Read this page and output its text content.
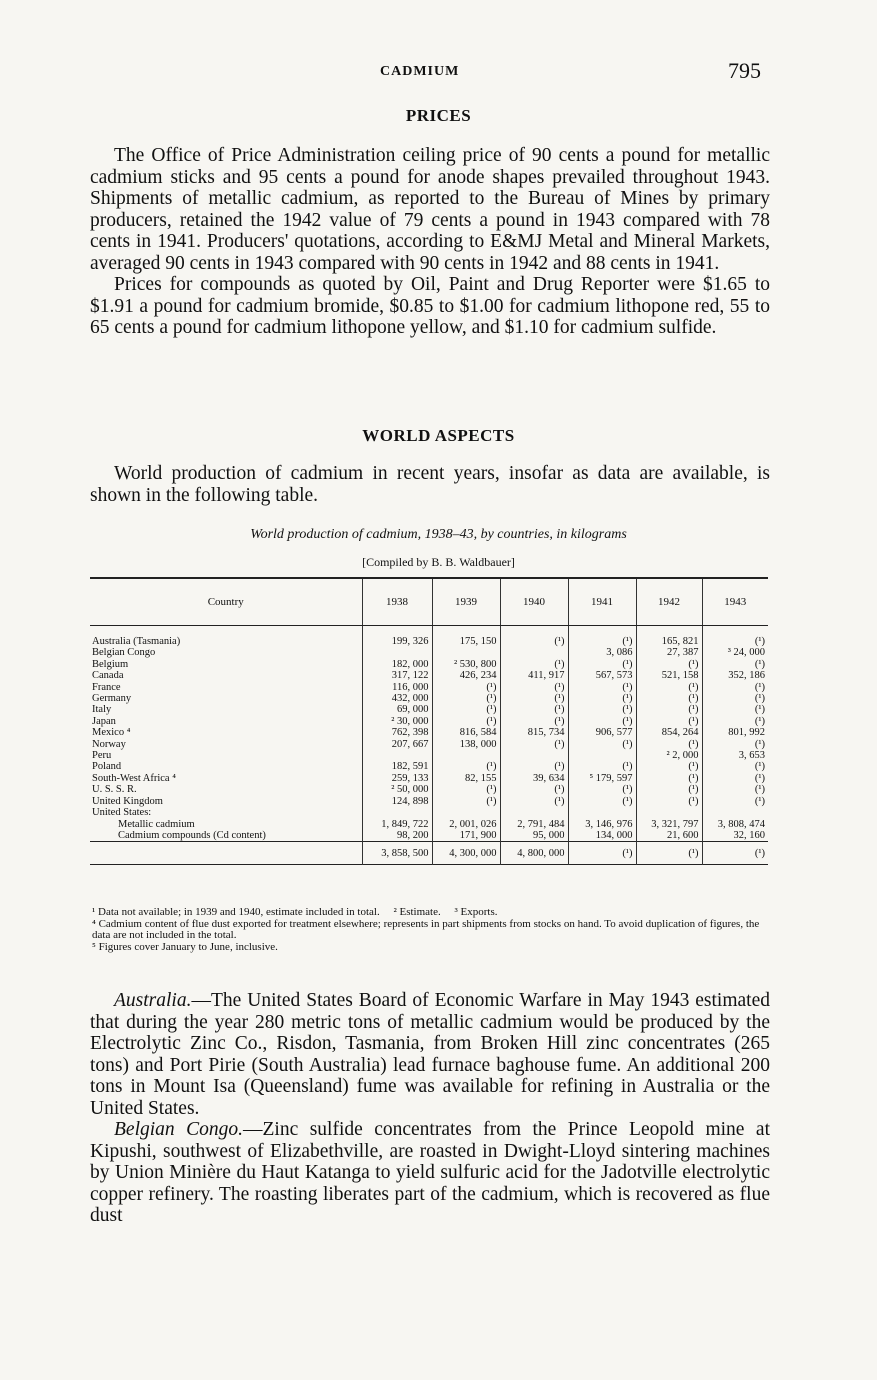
CADMIUM	795
PRICES
The Office of Price Administration ceiling price of 90 cents a pound for metallic cadmium sticks and 95 cents a pound for anode shapes prevailed throughout 1943. Shipments of metallic cadmium, as reported to the Bureau of Mines by primary producers, retained the 1942 value of 79 cents a pound in 1943 compared with 78 cents in 1941. Producers' quotations, according to E&MJ Metal and Mineral Markets, averaged 90 cents in 1943 compared with 90 cents in 1942 and 88 cents in 1941.
Prices for compounds as quoted by Oil, Paint and Drug Reporter were $1.65 to $1.91 a pound for cadmium bromide, $0.85 to $1.00 for cadmium lithopone red, 55 to 65 cents a pound for cadmium lithopone yellow, and $1.10 for cadmium sulfide.
WORLD ASPECTS
World production of cadmium in recent years, insofar as data are available, is shown in the following table.
World production of cadmium, 1938–43, by countries, in kilograms
[Compiled by B. B. Waldbauer]
Country	1938	1939	1940	1941	1942	1943

Australia (Tasmania)	199, 326	175, 150	(¹)	(¹)	165, 821	(¹)
Belgian Congo				3, 086	27, 387	³ 24, 000
Belgium	182, 000	² 530, 800	(¹)	(¹)	(¹)	(¹)
Canada	317, 122	426, 234	411, 917	567, 573	521, 158	352, 186
France	116, 000	(¹)	(¹)	(¹)	(¹)	(¹)
Germany	432, 000	(¹)	(¹)	(¹)	(¹)	(¹)
Italy	69, 000	(¹)	(¹)	(¹)	(¹)	(¹)
Japan	² 30, 000	(¹)	(¹)	(¹)	(¹)	(¹)
Mexico ⁴	762, 398	816, 584	815, 734	906, 577	854, 264	801, 992
Norway	207, 667	138, 000	(¹)	(¹)	(¹)	(¹)
Peru					² 2, 000	3, 653
Poland	182, 591	(¹)	(¹)	(¹)	(¹)	(¹)
South-West Africa ⁴	259, 133	82, 155	39, 634	⁵ 179, 597	(¹)	(¹)
U. S. S. R.	² 50, 000	(¹)	(¹)	(¹)	(¹)	(¹)
United Kingdom	124, 898	(¹)	(¹)	(¹)	(¹)	(¹)
United States:						
Metallic cadmium	1, 849, 722	2, 001, 026	2, 791, 484	3, 146, 976	3, 321, 797	3, 808, 474
Cadmium compounds (Cd content)	98, 200	171, 900	95, 000	134, 000	21, 600	32, 160
	3, 858, 500	4, 300, 000	4, 800, 000	(¹)	(¹)	(¹)
¹ Data not available; in 1939 and 1940, estimate included in total.     ² Estimate.     ³ Exports.
⁴ Cadmium content of flue dust exported for treatment elsewhere; represents in part shipments from stocks on hand. To avoid duplication of figures, the data are not included in the total.
⁵ Figures cover January to June, inclusive.
Australia.—The United States Board of Economic Warfare in May 1943 estimated that during the year 280 metric tons of metallic cadmium would be produced by the Electrolytic Zinc Co., Risdon, Tasmania, from Broken Hill zinc concentrates (265 tons) and Port Pirie (South Australia) lead furnace baghouse fume. An additional 200 tons in Mount Isa (Queensland) fume was available for refining in Australia or the United States.
Belgian Congo.—Zinc sulfide concentrates from the Prince Leopold mine at Kipushi, southwest of Elizabethville, are roasted in Dwight-Lloyd sintering machines by Union Minière du Haut Katanga to yield sulfuric acid for the Jadotville electrolytic copper refinery. The roasting liberates part of the cadmium, which is recovered as flue dust
